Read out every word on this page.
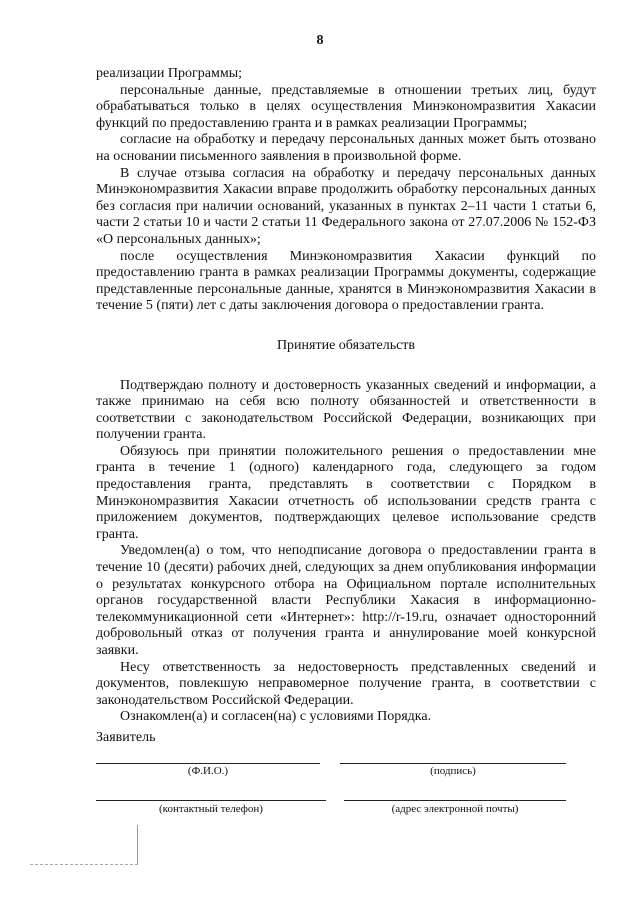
8

реализации Программы;

персональные данные, представляемые в отношении третьих лиц, будут обрабатываться только в целях осуществления Минэкономразвития Хакасии функций по предоставлению гранта и в рамках реализации Программы;

согласие на обработку и передачу персональных данных может быть отозвано на основании письменного заявления в произвольной форме.

В случае отзыва согласия на обработку и передачу персональных данных Минэкономразвития Хакасии вправе продолжить обработку персональных данных без согласия при наличии оснований, указанных в пунктах 2–11 части 1 статьи 6, части 2 статьи 10 и части 2 статьи 11 Федерального закона от 27.07.2006 № 152-ФЗ «О персональных данных»;

после осуществления Минэкономразвития Хакасии функций по предоставлению гранта в рамках реализации Программы документы, содержащие представленные персональные данные, хранятся в Минэкономразвития Хакасии в течение 5 (пяти) лет с даты заключения договора о предоставлении гранта.

Принятие обязательств

Подтверждаю полноту и достоверность указанных сведений и информации, а также принимаю на себя всю полноту обязанностей и ответственности в соответствии с законодательством Российской Федерации, возникающих при получении гранта.

Обязуюсь при принятии положительного решения о предоставлении мне гранта в течение 1 (одного) календарного года, следующего за годом предоставления гранта, представлять в соответствии с Порядком в Минэкономразвития Хакасии отчетность об использовании средств гранта с приложением документов, подтверждающих целевое использование средств гранта.

Уведомлен(а) о том, что неподписание договора о предоставлении гранта в течение 10 (десяти) рабочих дней, следующих за днем опубликования информации о результатах конкурсного отбора на Официальном портале исполнительных органов государственной власти Республики Хакасия в информационно-телекоммуникационной сети «Интернет»: http://r-19.ru, означает односторонний добровольный отказ от получения гранта и аннулирование моей конкурсной заявки.

Несу ответственность за недостоверность представленных сведений и документов, повлекшую неправомерное получение гранта, в соответствии с законодательством Российской Федерации.

Ознакомлен(а) и согласен(на) с условиями Порядка.

Заявитель
(Ф.И.О.)	(подпись)
(контактный телефон)	(адрес электронной почты)
